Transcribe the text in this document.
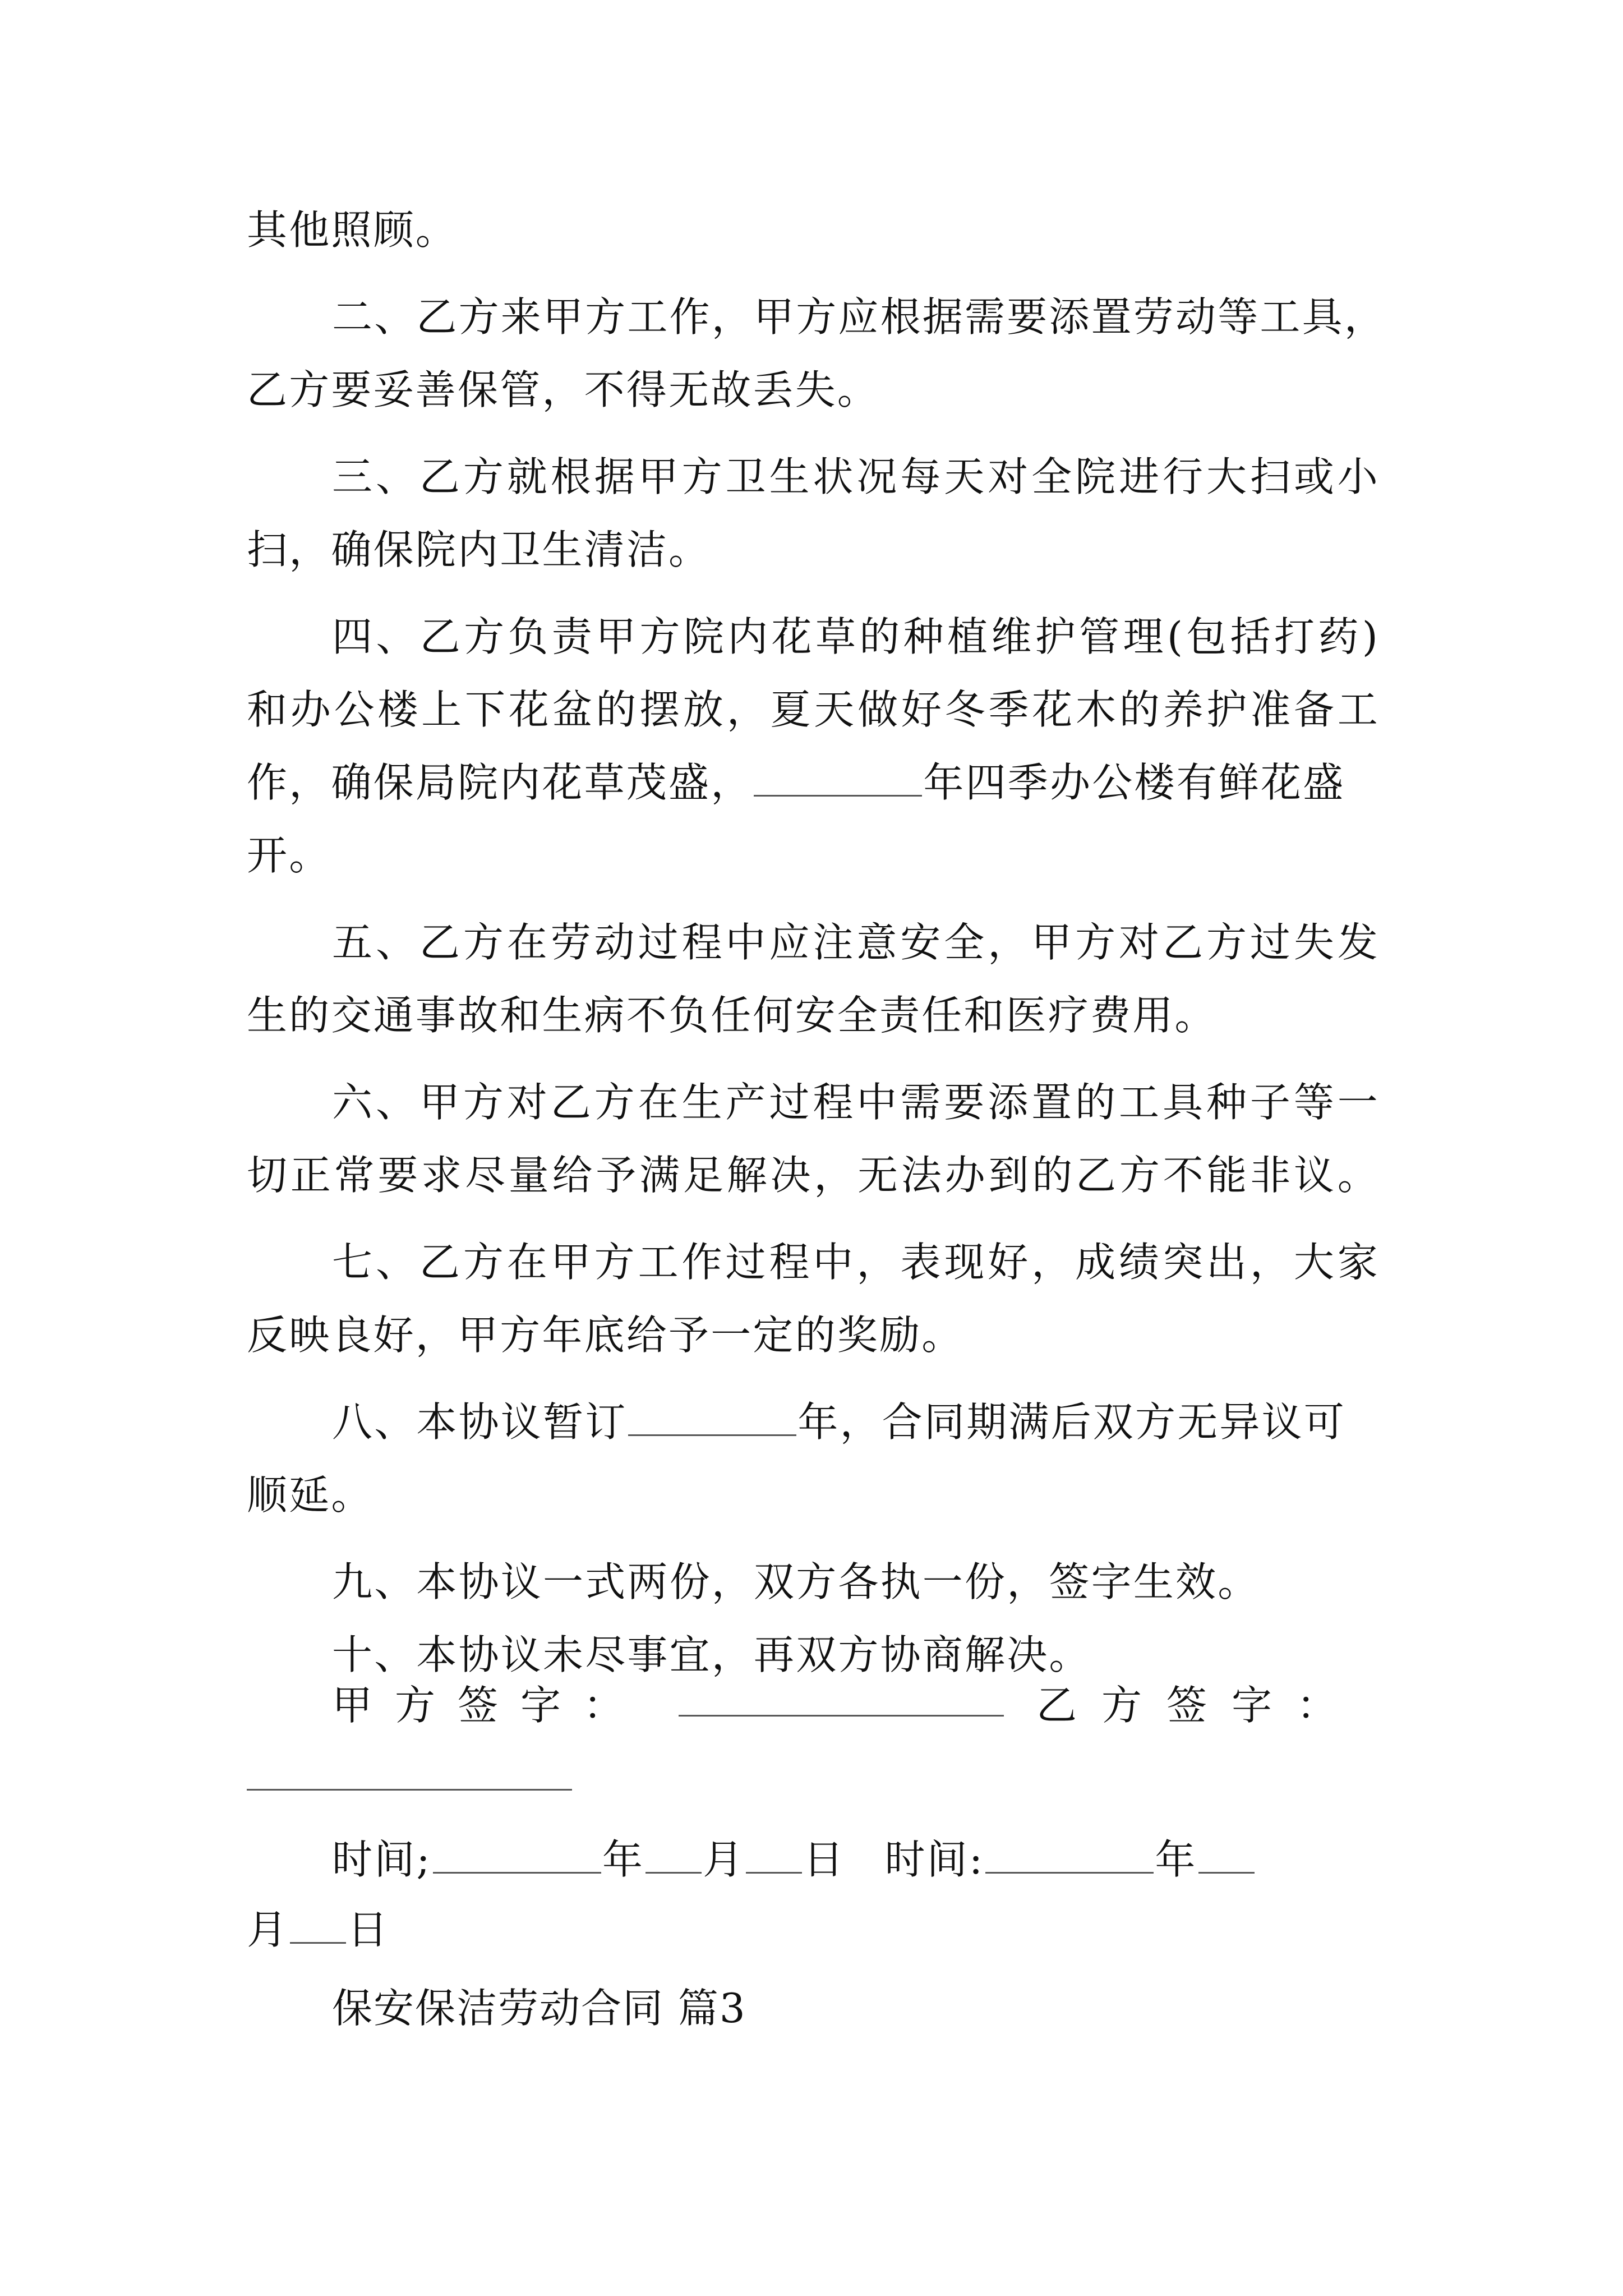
其他照顾。
二、乙方来甲方工作，甲方应根据需要添置劳动等工具，
乙方要妥善保管，不得无故丢失。
三、乙方就根据甲方卫生状况每天对全院进行大扫或小
扫，确保院内卫生清洁。
四、乙方负责甲方院内花草的种植维护管理(包括打药)
和办公楼上下花盆的摆放，夏天做好冬季花木的养护准备工
作，确保局院内花草茂盛，	年四季办公楼有鲜花盛
开。
五、乙方在劳动过程中应注意安全，甲方对乙方过失发
生的交通事故和生病不负任何安全责任和医疗费用。
六、甲方对乙方在生产过程中需要添置的工具种子等一
切正常要求尽量给予满足解决，无法办到的乙方不能非议。
七、乙方在甲方工作过程中，表现好，成绩突出，大家
反映良好，甲方年底给予一定的奖励。
八、本协议暂订	年，合同期满后双方无异议可
顺延。
九、本协议一式两份，双方各执一份，签字生效。
十、本协议未尽事宜，再双方协商解决。
甲方签字：	乙方签字：
时间;	年 月 日 时间:	年
月 日
保安保洁劳动合同 篇3
